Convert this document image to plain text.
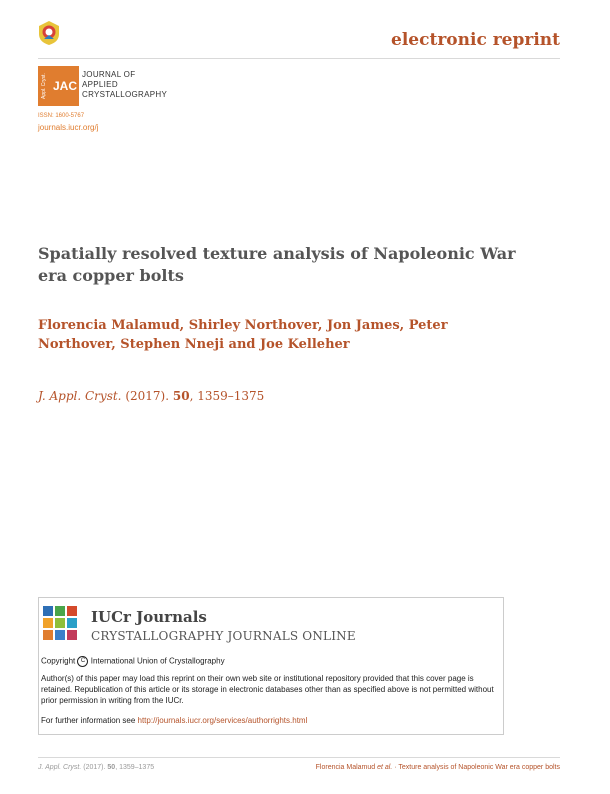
electronic reprint
Appl. Cryst. JAC
JOURNAL OF
APPLIED
CRYSTALLOGRAPHY
ISSN: 1600-5767
journals.iucr.org/j
Spatially resolved texture analysis of Napoleonic War era copper bolts
Florencia Malamud, Shirley Northover, Jon James, Peter Northover, Stephen Nneji and Joe Kelleher
J. Appl. Cryst. (2017). 50, 1359–1375
IUCr Journals
CRYSTALLOGRAPHY JOURNALS ONLINE
Copyright C International Union of Crystallography
Author(s) of this paper may load this reprint on their own web site or institutional repository provided that this cover page is retained. Republication of this article or its storage in electronic databases other than as specified above is not permitted without prior permission in writing from the IUCr.
For further information see http://journals.iucr.org/services/authorrights.html
J. Appl. Cryst. (2017). 50, 1359–1375	Florencia Malamud et al. · Texture analysis of Napoleonic War era copper bolts
